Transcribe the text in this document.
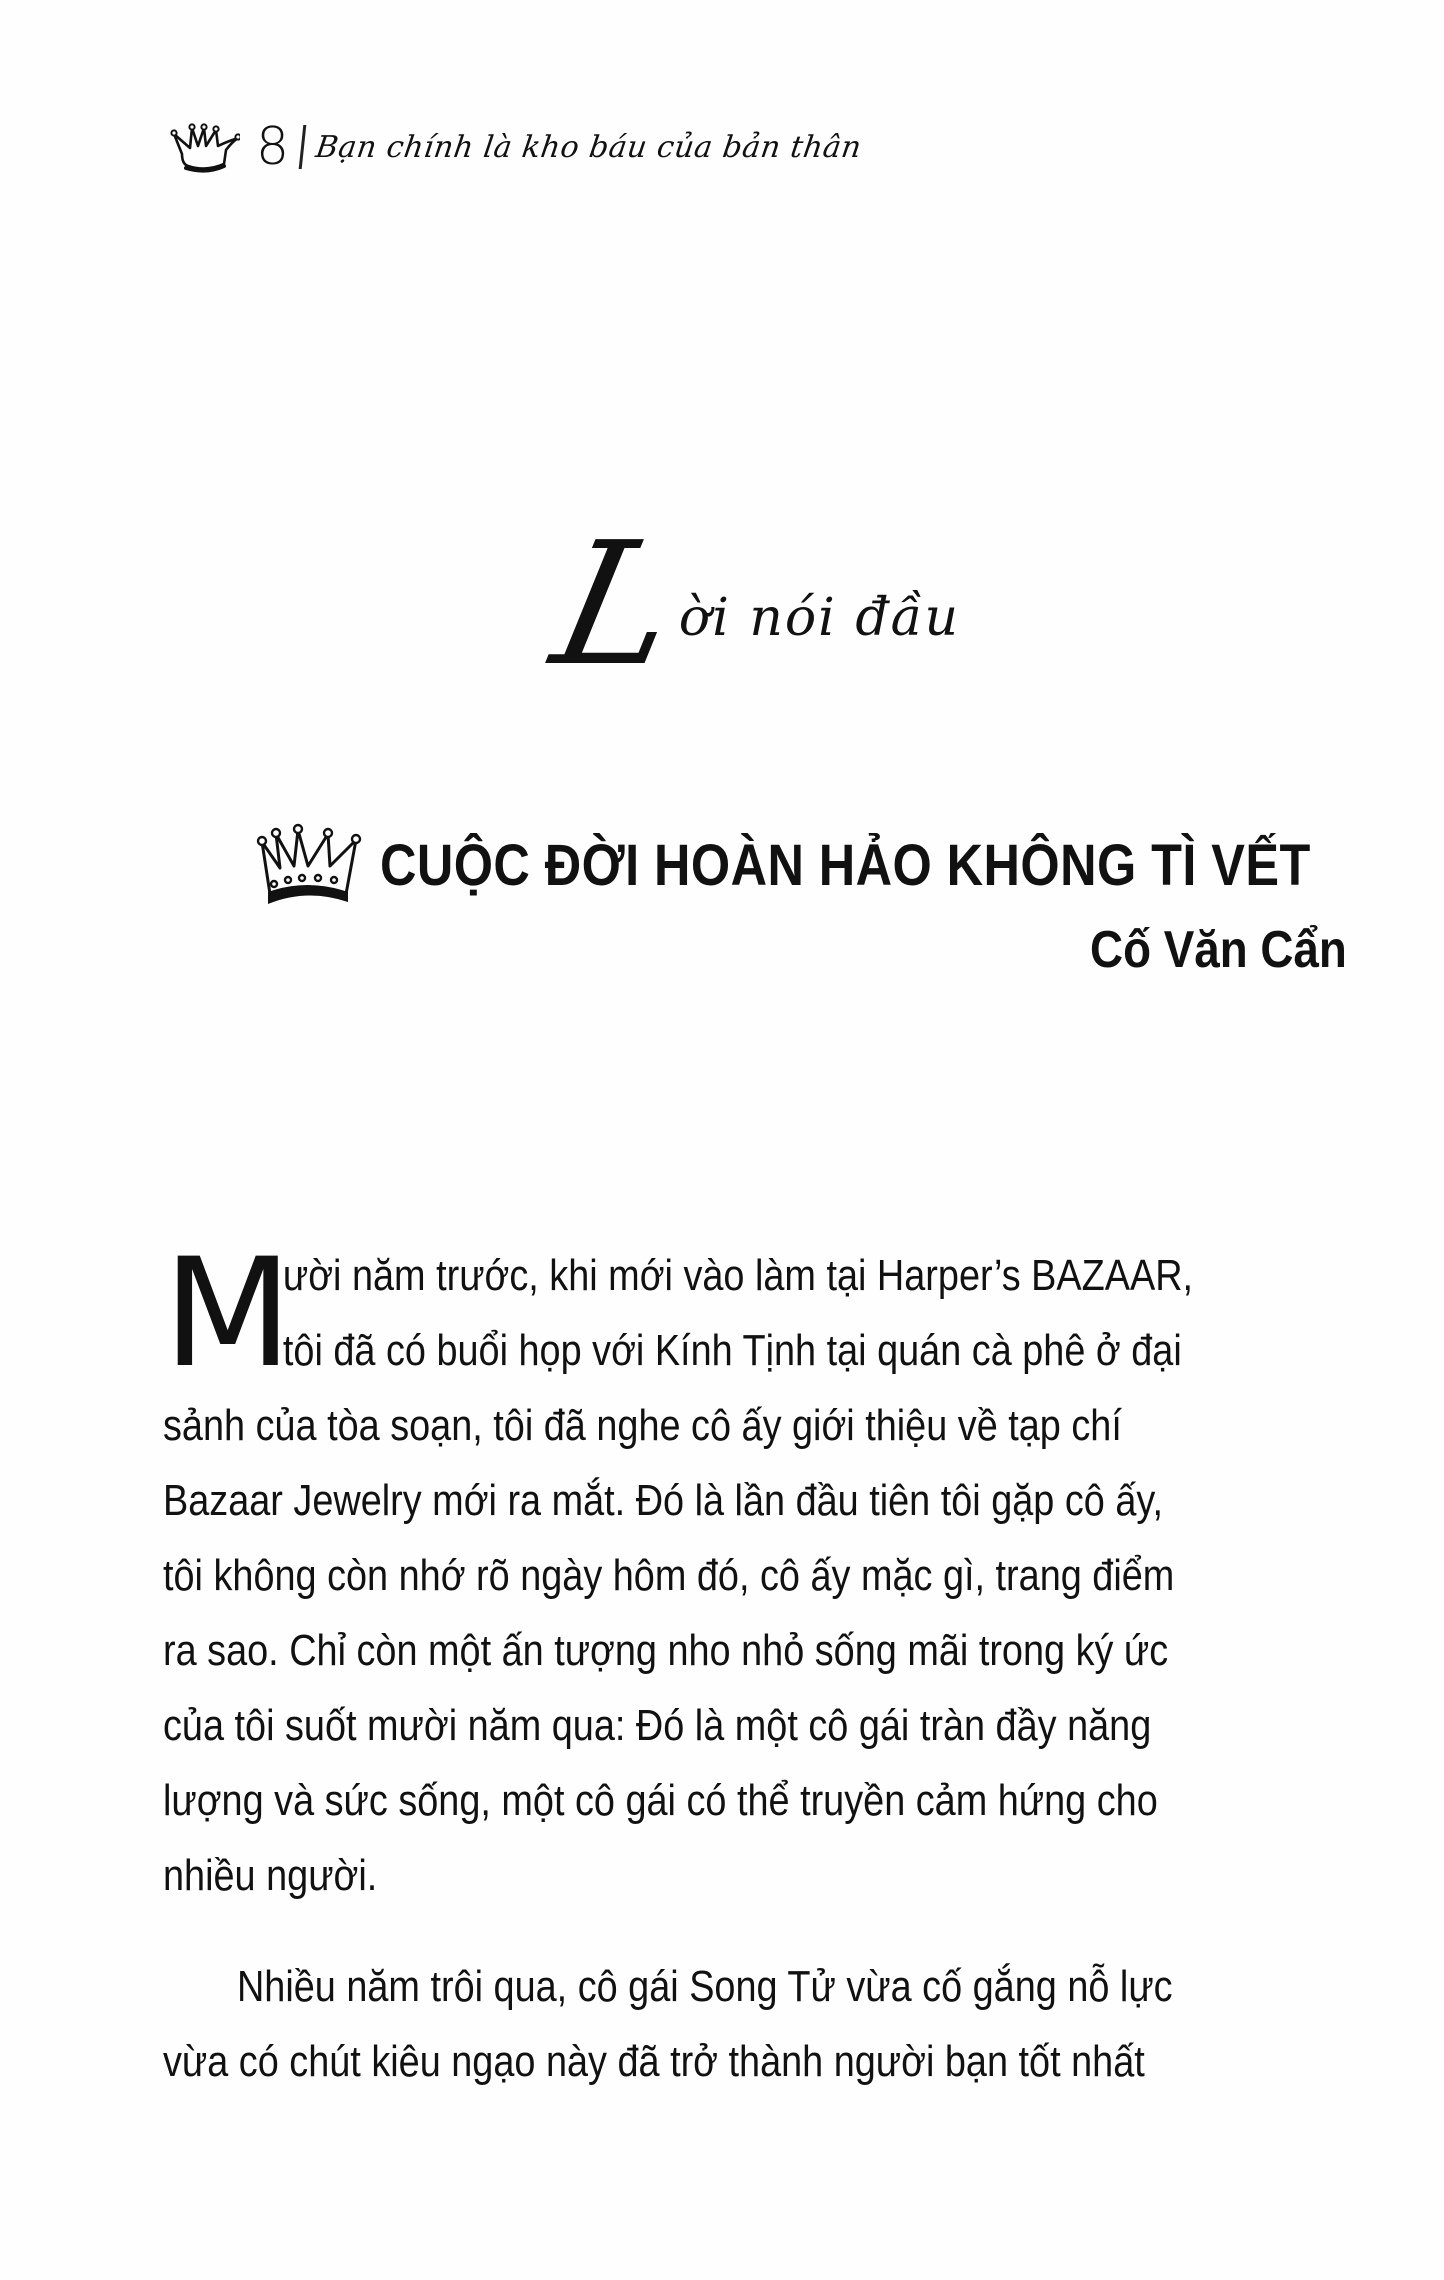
8 Bạn chính là kho báu của bản thân
L
ời nói đầu
CUỘC ĐỜI HOÀN HẢO KHÔNG TÌ VẾT
Cố Văn Cẩn

M
ười năm trước, khi mới vào làm tại Harper’s BAZAAR,
tôi đã có buổi họp với Kính Tịnh tại quán cà phê ở đại
sảnh của tòa soạn, tôi đã nghe cô ấy giới thiệu về tạp chí
Bazaar Jewelry mới ra mắt. Đó là lần đầu tiên tôi gặp cô ấy,
tôi không còn nhớ rõ ngày hôm đó, cô ấy mặc gì, trang điểm
ra sao. Chỉ còn một ấn tượng nho nhỏ sống mãi trong ký ức
của tôi suốt mười năm qua: Đó là một cô gái tràn đầy năng
lượng và sức sống, một cô gái có thể truyền cảm hứng cho
nhiều người.

Nhiều năm trôi qua, cô gái Song Tử vừa cố gắng nỗ lực
vừa có chút kiêu ngạo này đã trở thành người bạn tốt nhất
